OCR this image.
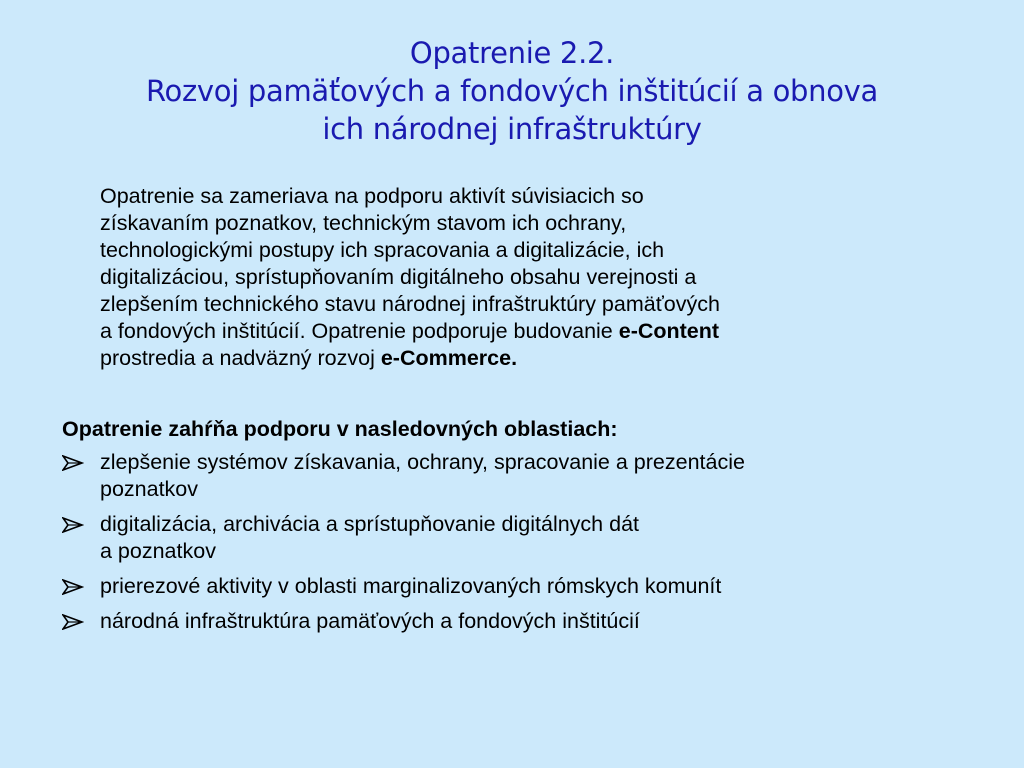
Opatrenie 2.2.
Rozvoj pamäťových a fondových inštitúcií a obnova
ich národnej infraštruktúry
Opatrenie sa zameriava na podporu aktivít súvisiacich so
získavaním poznatkov, technickým stavom ich ochrany,
technologickými postupy ich spracovania a digitalizácie, ich
digitalizáciou, sprístupňovaním digitálneho obsahu verejnosti a
zlepšením technického stavu národnej infraštruktúry pamäťových
a fondových inštitúcií. Opatrenie podporuje budovanie e-Content
prostredia a nadväzný rozvoj e-Commerce.
Opatrenie zahŕňa podporu v nasledovných oblastiach:
zlepšenie systémov získavania, ochrany, spracovanie a prezentácie
poznatkov
digitalizácia, archivácia a sprístupňovanie digitálnych dát
a poznatkov
prierezové aktivity v oblasti marginalizovaných rómskych komunít
národná infraštruktúra pamäťových a fondových inštitúcií
